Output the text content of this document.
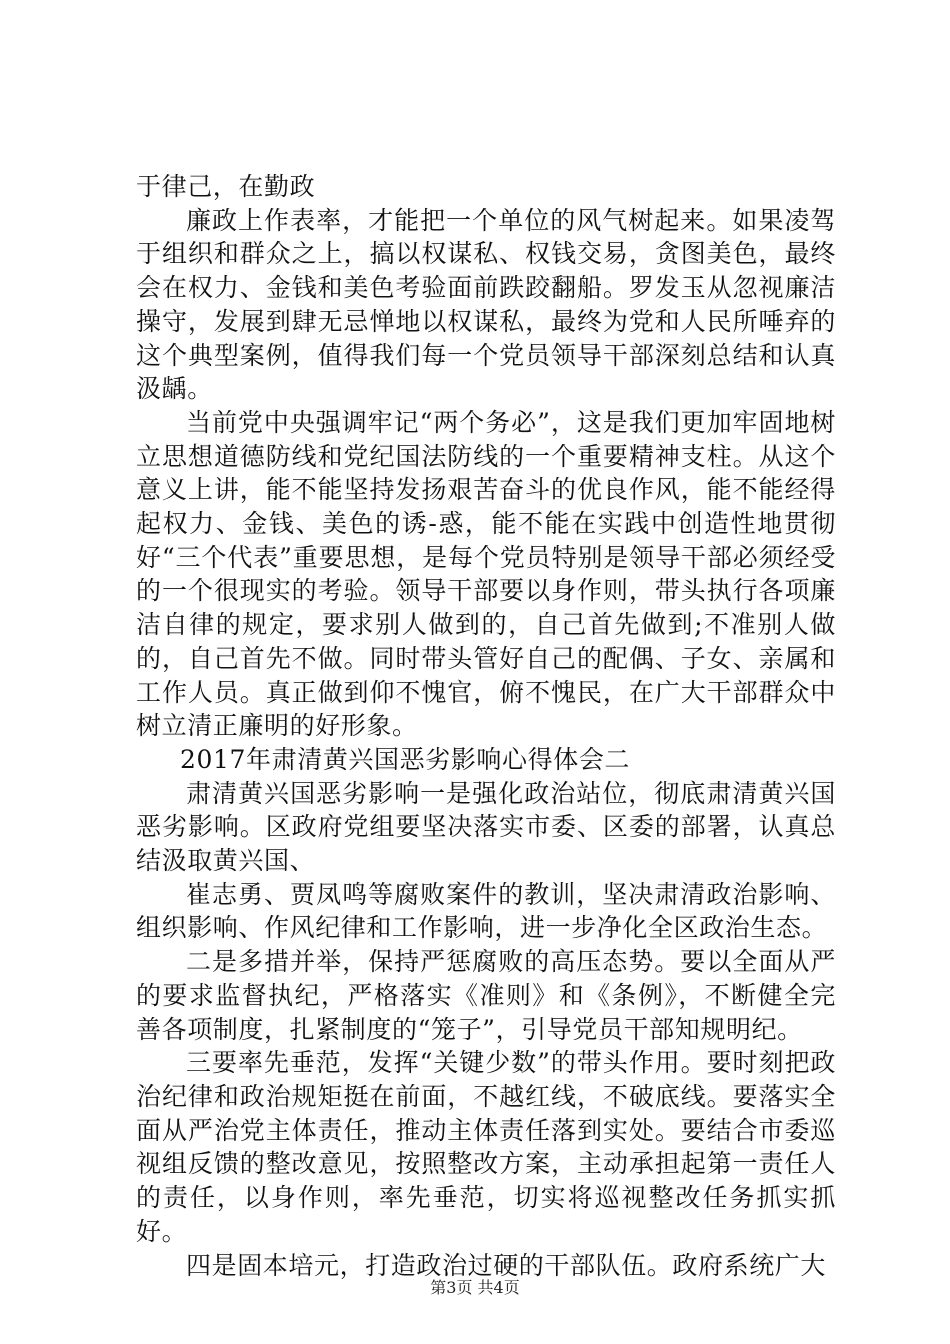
于律己，在勤政

廉政上作表率，才能把一个单位的风气树起来。如果凌驾于组织和群众之上，搞以权谋私、权钱交易，贪图美色，最终会在权力、金钱和美色考验面前跌跤翻船。罗发玉从忽视廉洁操守，发展到肆无忌惮地以权谋私，最终为党和人民所唾弃的这个典型案例，值得我们每一个党员领导干部深刻总结和认真汲龋。

当前党中央强调牢记“两个务必”，这是我们更加牢固地树立思想道德防线和党纪国法防线的一个重要精神支柱。从这个意义上讲，能不能坚持发扬艰苦奋斗的优良作风，能不能经得起权力、金钱、美色的诱-惑，能不能在实践中创造性地贯彻好“三个代表”重要思想，是每个党员特别是领导干部必须经受的一个很现实的考验。领导干部要以身作则，带头执行各项廉洁自律的规定，要求别人做到的，自己首先做到;不准别人做的，自己首先不做。同时带头管好自己的配偶、子女、亲属和工作人员。真正做到仰不愧官，俯不愧民，在广大干部群众中树立清正廉明的好形象。

2017年肃清黄兴国恶劣影响心得体会二

肃清黄兴国恶劣影响一是强化政治站位，彻底肃清黄兴国恶劣影响。区政府党组要坚决落实市委、区委的部署，认真总结汲取黄兴国、

崔志勇、贾凤鸣等腐败案件的教训，坚决肃清政治影响、组织影响、作风纪律和工作影响，进一步净化全区政治生态。

二是多措并举，保持严惩腐败的高压态势。要以全面从严的要求监督执纪，严格落实《准则》和《条例》，不断健全完善各项制度，扎紧制度的“笼子”，引导党员干部知规明纪。

三要率先垂范，发挥“关键少数”的带头作用。要时刻把政治纪律和政治规矩挺在前面，不越红线，不破底线。要落实全面从严治党主体责任，推动主体责任落到实处。要结合市委巡视组反馈的整改意见，按照整改方案，主动承担起第一责任人的责任，以身作则，率先垂范，切实将巡视整改任务抓实抓好。

四是固本培元，打造政治过硬的干部队伍。政府系统广大

第3页 共4页
